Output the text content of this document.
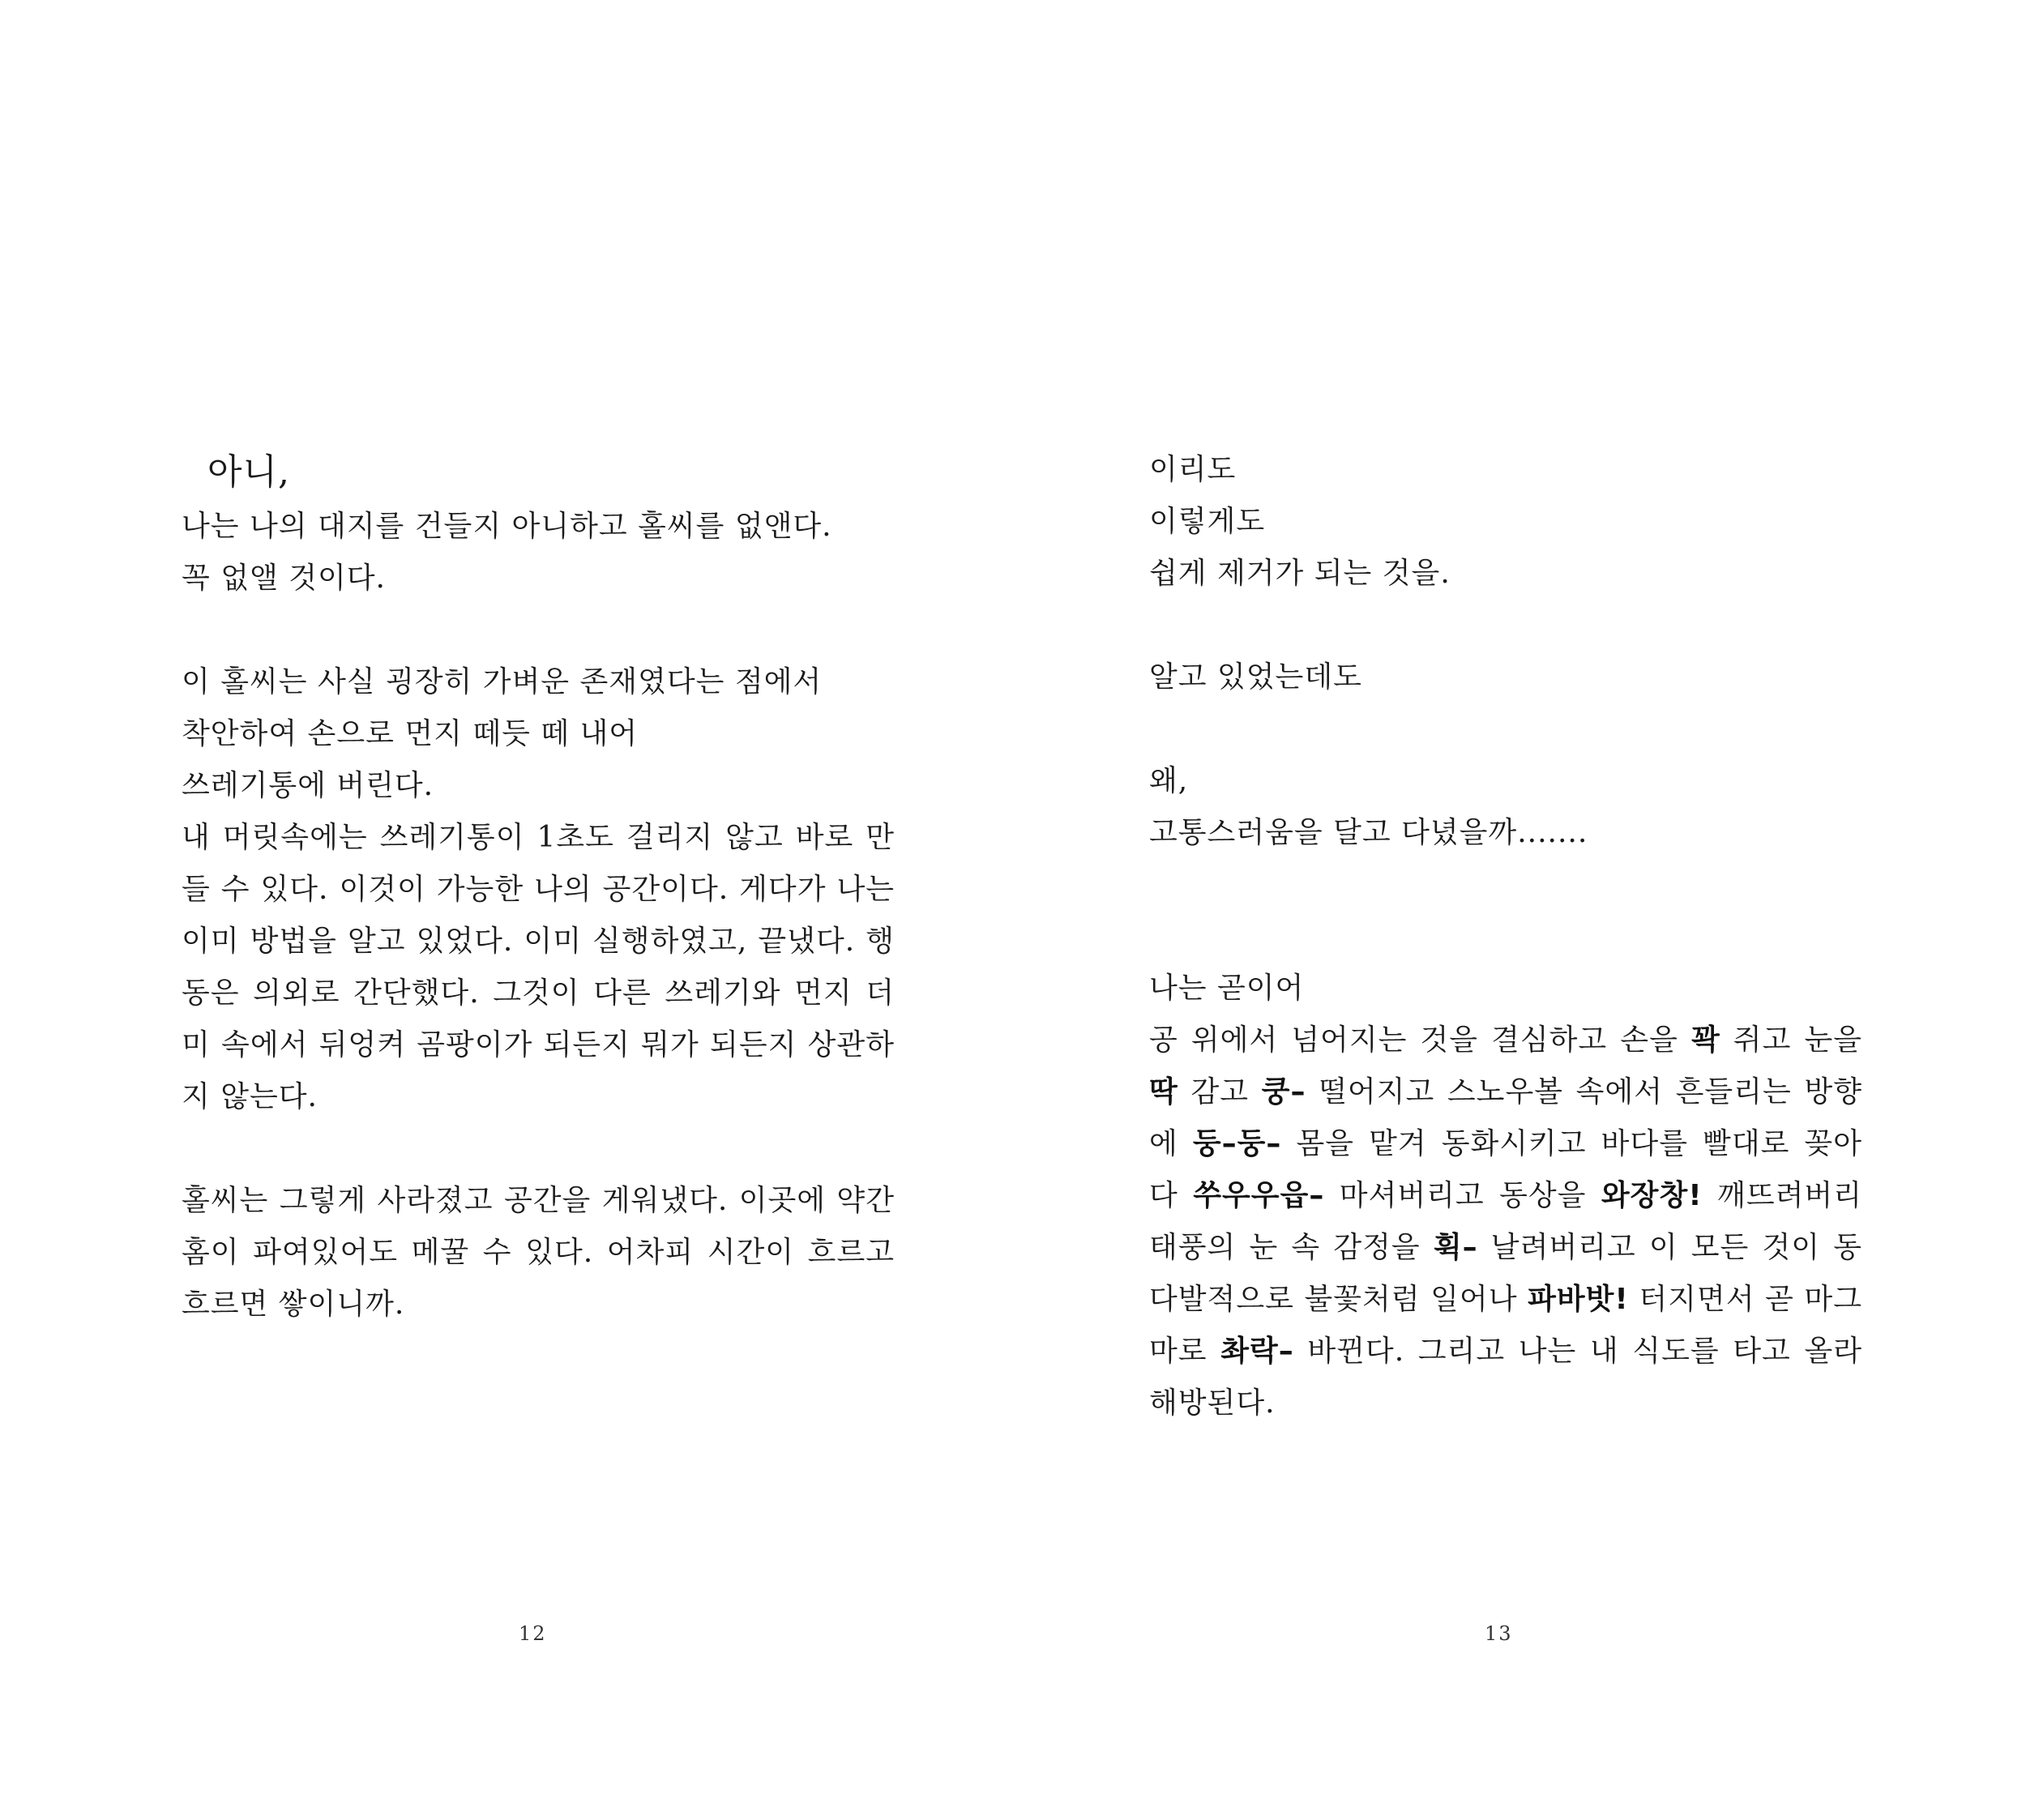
아니,
나는 나의 대지를 건들지 아니하고 홀씨를 없앤다.
꼭 없앨 것이다.
이 홀씨는 사실 굉장히 가벼운 존재였다는 점에서
착안하여 손으로 먼지 떼듯 떼 내어
쓰레기통에 버린다.
내 머릿속에는 쓰레기통이 1초도 걸리지 않고 바로 만
들 수 있다. 이것이 가능한 나의 공간이다. 게다가 나는
이미 방법을 알고 있었다. 이미 실행하였고, 끝냈다. 행
동은 의외로 간단했다. 그것이 다른 쓰레기와 먼지 더
미 속에서 뒤엉켜 곰팡이가 되든지 뭐가 되든지 상관하
지 않는다.
홀씨는 그렇게 사라졌고 공간을 게워냈다. 이곳에 약간
홈이 파여있어도 메꿀 수 있다. 어차피 시간이 흐르고
흐르면 쌓이니까.
12
이리도
이렇게도
쉽게 제거가 되는 것을.
알고 있었는데도
왜,
고통스러움을 달고 다녔을까.......
나는 곧이어
공 위에서 넘어지는 것을 결심하고 손을 꽉 쥐고 눈을
딱 감고 쿵– 떨어지고 스노우볼 속에서 흔들리는 방향
에 둥–둥– 몸을 맡겨 동화시키고 바다를 빨대로 꽂아
다 쑤우우읍– 마셔버리고 동상을 와장창! 깨뜨려버리
태풍의 눈 속 감정을 휙– 날려버리고 이 모든 것이 동
다발적으로 불꽃처럼 일어나 파바밧! 터지면서 곧 마그
마로 촤락– 바뀐다. 그리고 나는 내 식도를 타고 올라
해방된다.
13
